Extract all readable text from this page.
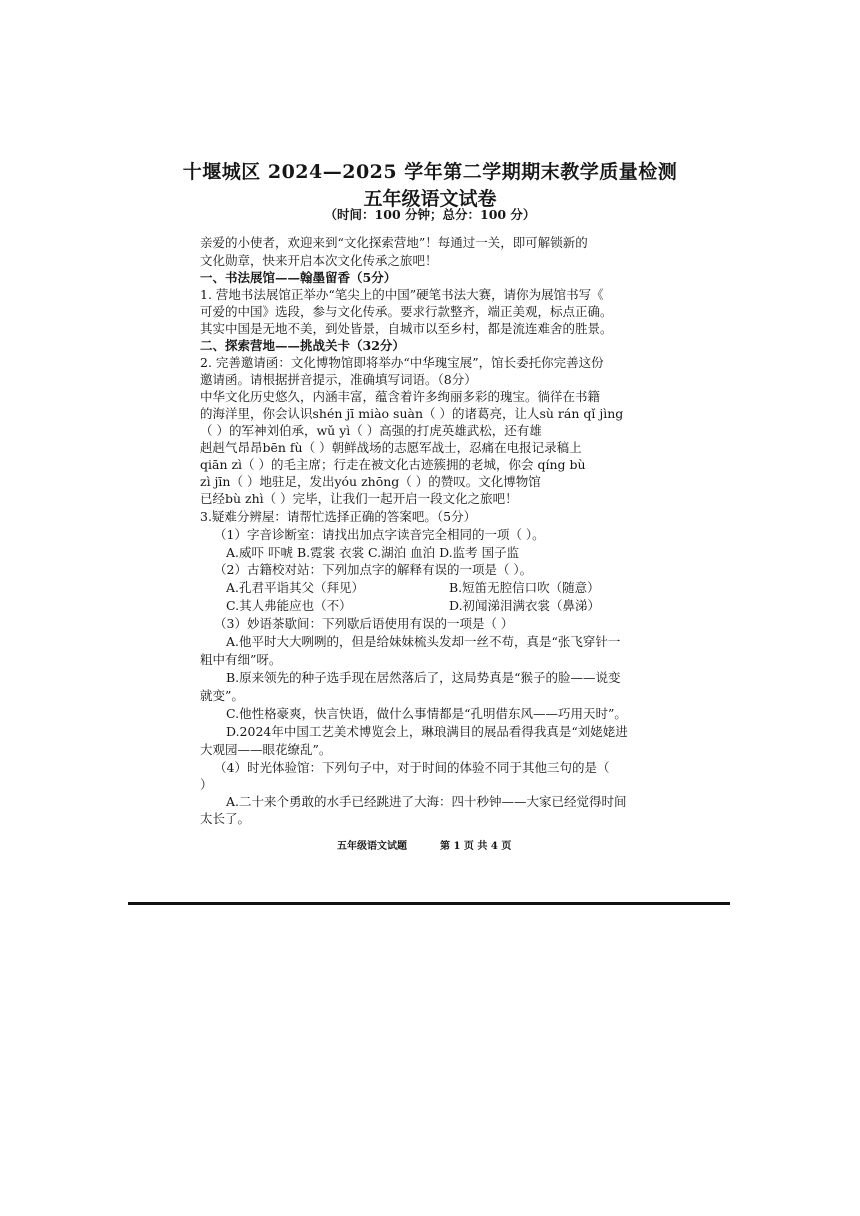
十堰城区 2024—2025 学年第二学期期末教学质量检测
五年级语文试卷
（时间：100 分钟；总分：100 分）
亲爱的小使者，欢迎来到“文化探索营地”！每通过一关，即可解锁新的
文化勋章，快来开启本次文化传承之旅吧！
一、书法展馆——翰墨留香（5分）
1. 营地书法展馆正举办“笔尖上的中国”硬笔书法大赛，请你为展馆书写《
可爱的中国》选段，参与文化传承。要求行款整齐，端正美观，标点正确。
其实中国是无地不美，到处皆景，自城市以至乡村，都是流连难舍的胜景。
二、探索营地——挑战关卡（32分）
2. 完善邀请函：文化博物馆即将举办“中华瑰宝展”，馆长委托你完善这份
邀请函。请根据拼音提示，准确填写词语。（8分）
中华文化历史悠久，内涵丰富，蕴含着许多绚丽多彩的瑰宝。徜徉在书籍
的海洋里，你会认识shén jī miào suàn（ ）的诸葛亮，让人sù rán qǐ jìng
（ ）的军神刘伯承，wǔ yì（ ）高强的打虎英雄武松，还有雄
赳赳气昂昂bēn fù（ ）朝鲜战场的志愿军战士，忍痛在电报记录稿上
qiān zì（ ）的毛主席；行走在被文化古迹簇拥的老城，你会 qíng bù
zì jīn（ ）地驻足，发出yóu zhōng（ ）的赞叹。文化博物馆
已经bù zhì（ ）完毕，让我们一起开启一段文化之旅吧！
3.疑难分辨屋：请帮忙选择正确的答案吧。（5分）
（1）字音诊断室：请找出加点字读音完全相同的一项（ ）。
A.威吓 吓唬 B.霓裳 衣裳 C.湖泊 血泊 D.监考 国子监
（2）古籍校对站：下列加点字的解释有误的一项是（ ）。
A.孔君平诣其父（拜见）	B.短笛无腔信口吹（随意）
C.其人弗能应也（不）	D.初闻涕泪满衣裳（鼻涕）
（3）妙语茶歇间：下列歇后语使用有误的一项是（ ）
A.他平时大大咧咧的，但是给妹妹梳头发却一丝不苟，真是“张飞穿针一
粗中有细”呀。
B.原来领先的种子选手现在居然落后了，这局势真是“猴子的脸——说变
就变”。
C.他性格豪爽，快言快语，做什么事情都是“孔明借东风——巧用天时”。
D.2024年中国工艺美术博览会上，琳琅满目的展品看得我真是“刘姥姥进
大观园——眼花缭乱”。
（4）时光体验馆：下列句子中，对于时间的体验不同于其他三句的是（
）
A.二十来个勇敢的水手已经跳进了大海：四十秒钟——大家已经觉得时间
太长了。
五年级语文试题	第 1 页 共 4 页
